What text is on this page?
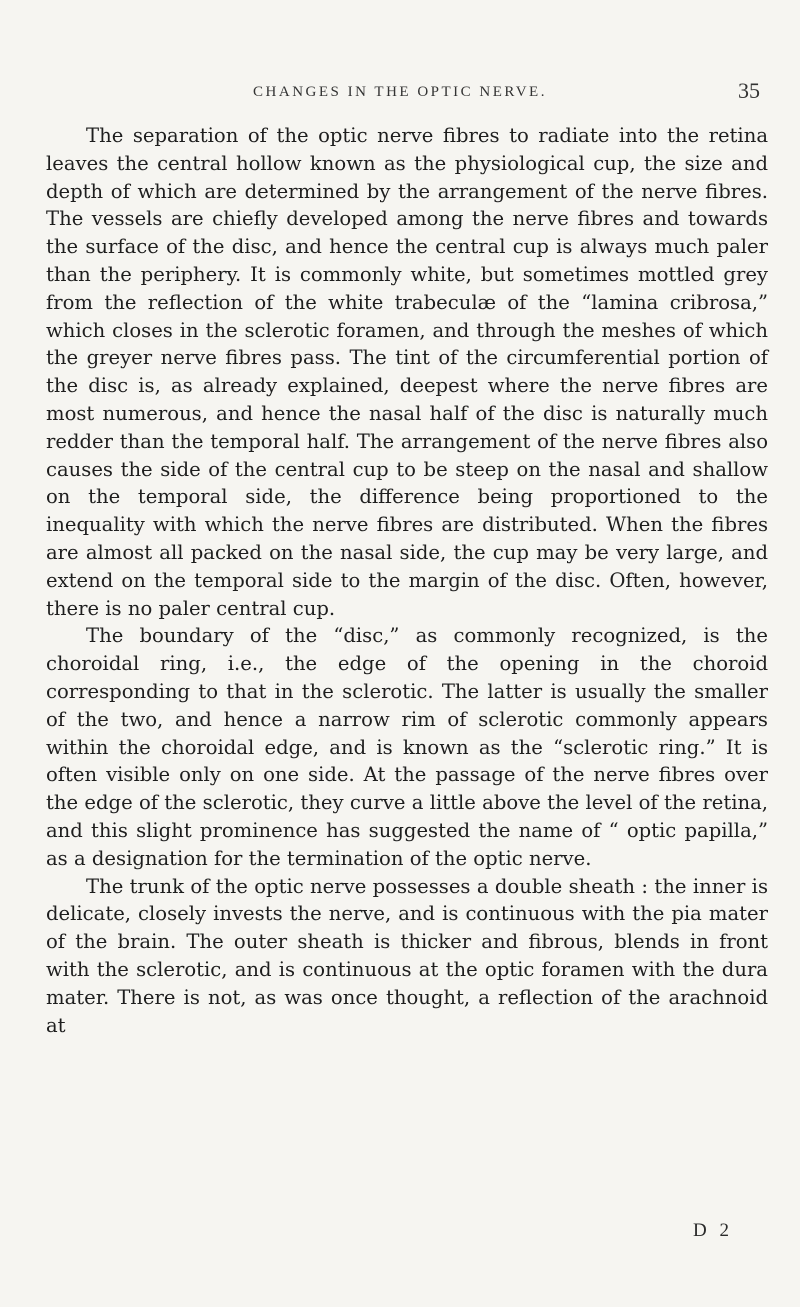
CHANGES IN THE OPTIC NERVE.	35

The separation of the optic nerve fibres to radiate into the retina leaves the central hollow known as the physiological cup, the size and depth of which are determined by the arrangement of the nerve fibres. The vessels are chiefly developed among the nerve fibres and towards the surface of the disc, and hence the central cup is always much paler than the periphery. It is commonly white, but sometimes mottled grey from the reflection of the white trabeculæ of the “lamina cribrosa,” which closes in the sclerotic foramen, and through the meshes of which the greyer nerve fibres pass. The tint of the circumferential portion of the disc is, as already explained, deepest where the nerve fibres are most numerous, and hence the nasal half of the disc is naturally much redder than the temporal half. The arrangement of the nerve fibres also causes the side of the central cup to be steep on the nasal and shallow on the temporal side, the difference being proportioned to the inequality with which the nerve fibres are distributed. When the fibres are almost all packed on the nasal side, the cup may be very large, and extend on the temporal side to the margin of the disc. Often, however, there is no paler central cup.

The boundary of the “disc,” as commonly recognized, is the choroidal ring, i.e., the edge of the opening in the choroid corresponding to that in the sclerotic. The latter is usually the smaller of the two, and hence a narrow rim of sclerotic commonly appears within the choroidal edge, and is known as the “sclerotic ring.” It is often visible only on one side. At the passage of the nerve fibres over the edge of the sclerotic, they curve a little above the level of the retina, and this slight prominence has suggested the name of “ optic papilla,” as a designation for the termination of the optic nerve.

The trunk of the optic nerve possesses a double sheath : the inner is delicate, closely invests the nerve, and is continuous with the pia mater of the brain. The outer sheath is thicker and fibrous, blends in front with the sclerotic, and is continuous at the optic foramen with the dura mater. There is not, as was once thought, a reflection of the arachnoid at

D 2
